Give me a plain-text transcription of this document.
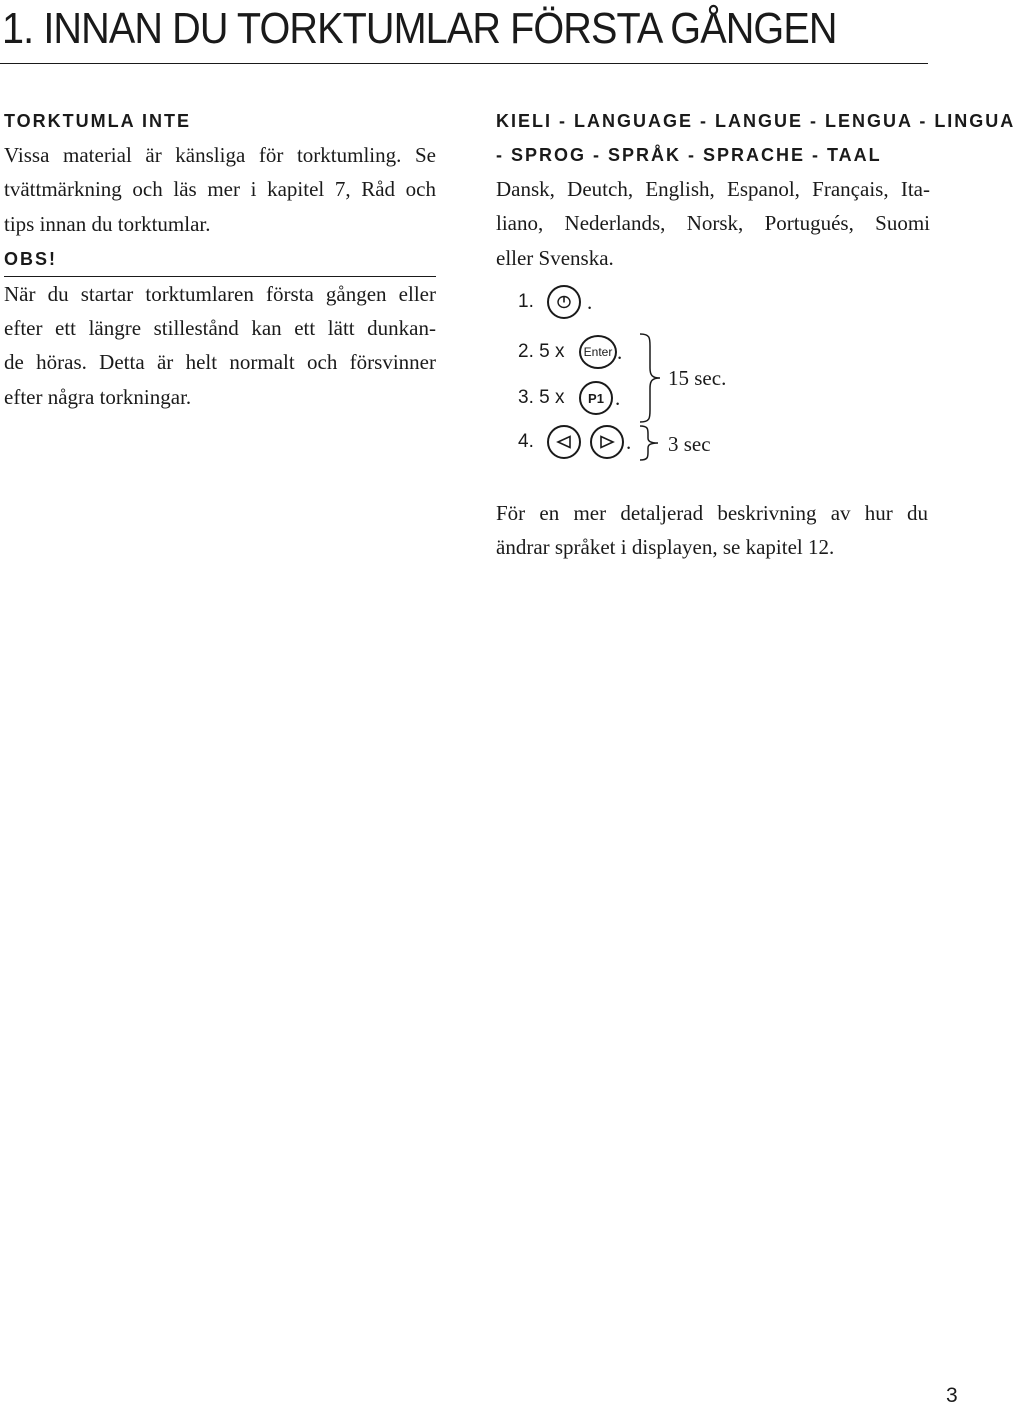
1. INNAN DU TORKTUMLAR FÖRSTA GÅNGEN

TORKTUMLA INTE

Vissa material är känsliga för torktumling. Se
tvättmärkning och läs mer i kapitel 7, Råd och
tips innan du torktumlar.

OBS!

När du startar torktumlaren första gången eller
efter ett längre stillestånd kan ett lätt dunkan-
de höras. Detta är helt normalt och försvinner
efter några torkningar.

KIELI - LANGUAGE - LANGUE - LENGUA - LINGUA

- SPROG - SPRÅK - SPRACHE - TAAL

Dansk, Deutch, English, Espanol, Français, Ita-
liano, Nederlands, Norsk, Portugués, Suomi
eller Svenska.

1.	.
2. 5 x Enter .
3. 5 x P1 .
4.	.
15 sec.
3 sec

För en mer detaljerad beskrivning av hur du
ändrar språket i displayen, se kapitel 12.

3
